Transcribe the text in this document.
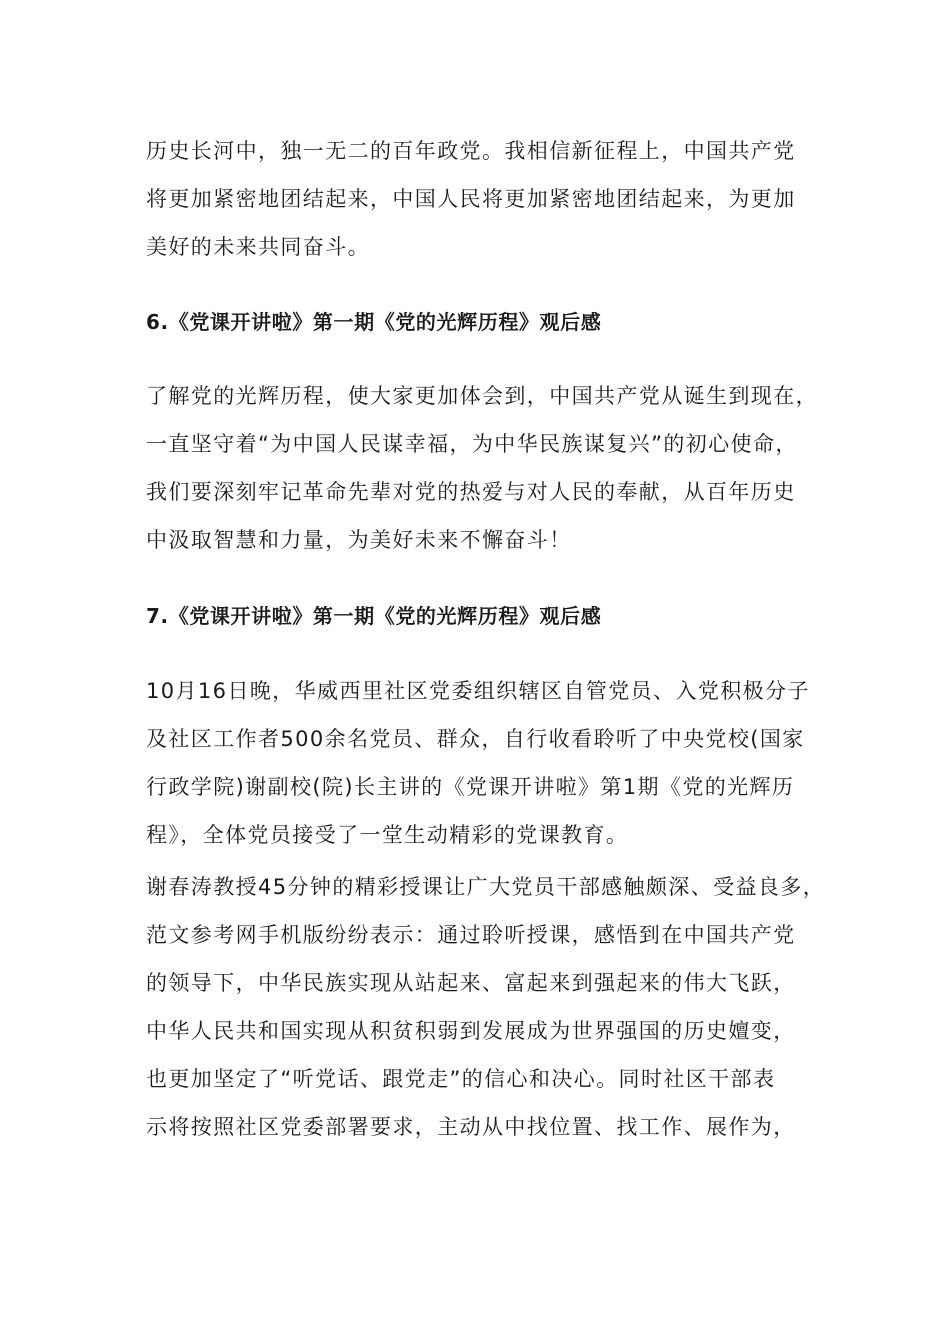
历史长河中，独一无二的百年政党。我相信新征程上，中国共产党
将更加紧密地团结起来，中国人民将更加紧密地团结起来，为更加
美好的未来共同奋斗。
6.《党课开讲啦》第一期《党的光辉历程》观后感
了解党的光辉历程，使大家更加体会到，中国共产党从诞生到现在，
一直坚守着“为中国人民谋幸福，为中华民族谋复兴”的初心使命，
我们要深刻牢记革命先辈对党的热爱与对人民的奉献，从百年历史
中汲取智慧和力量，为美好未来不懈奋斗！
7.《党课开讲啦》第一期《党的光辉历程》观后感
10月16日晚，华威西里社区党委组织辖区自管党员、入党积极分子
及社区工作者500余名党员、群众，自行收看聆听了中央党校(国家
行政学院)谢副校(院)长主讲的《党课开讲啦》第1期《党的光辉历
程》，全体党员接受了一堂生动精彩的党课教育。
谢春涛教授45分钟的精彩授课让广大党员干部感触颇深、受益良多，
范文参考网手机版纷纷表示：通过聆听授课，感悟到在中国共产党
的领导下，中华民族实现从站起来、富起来到强起来的伟大飞跃，
中华人民共和国实现从积贫积弱到发展成为世界强国的历史嬗变，
也更加坚定了“听党话、跟党走”的信心和决心。同时社区干部表
示将按照社区党委部署要求，主动从中找位置、找工作、展作为，
